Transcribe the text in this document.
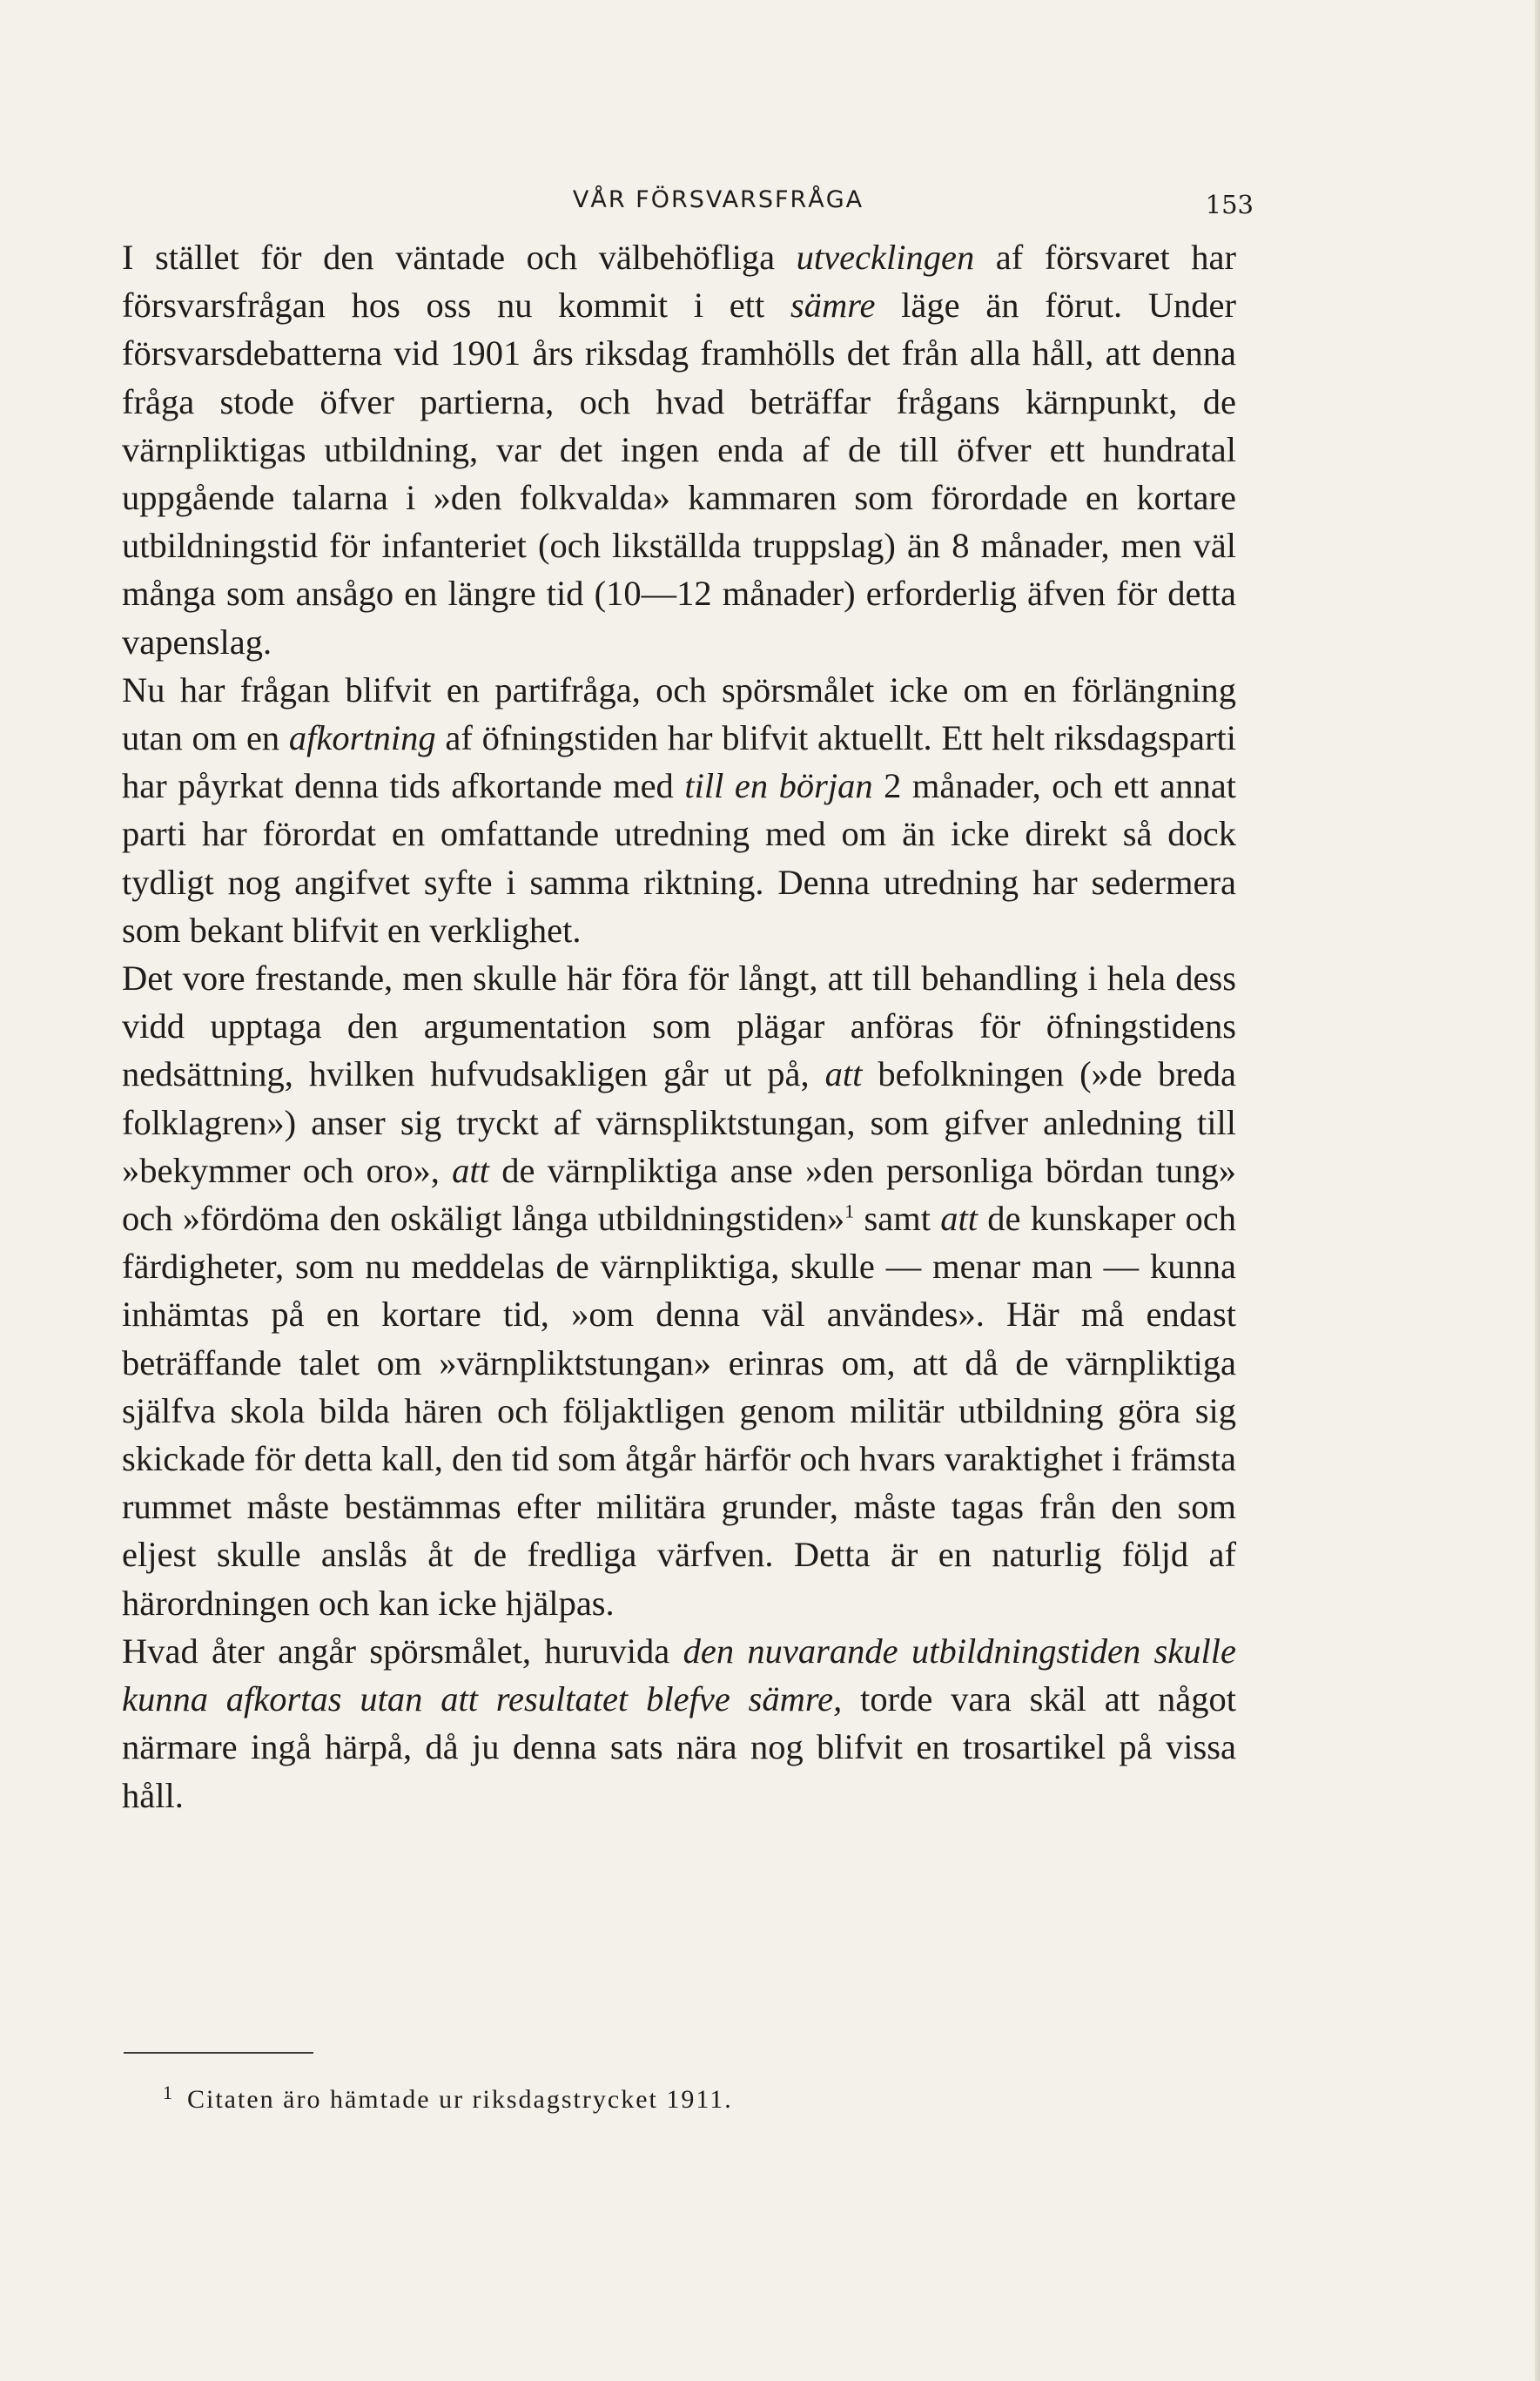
VÅR FÖRSVARSFRÅGA	153

I stället för den väntade och välbehöfliga utvecklingen af försvaret har försvarsfrågan hos oss nu kommit i ett sämre läge än förut. Under försvarsdebatterna vid 1901 års riksdag framhölls det från alla håll, att denna fråga stode öfver partierna, och hvad beträffar frågans kärnpunkt, de värnpliktigas utbildning, var det ingen enda af de till öfver ett hundratal uppgående talarna i »den folkvalda» kammaren som förordade en kortare utbildningstid för infanteriet (och likställda truppslag) än 8 månader, men väl många som ansågo en längre tid (10—12 månader) erforderlig äfven för detta vapenslag.

Nu har frågan blifvit en partifråga, och spörsmålet icke om en förlängning utan om en afkortning af öfningstiden har blifvit aktuellt. Ett helt riksdagsparti har påyrkat denna tids afkortande med till en början 2 månader, och ett annat parti har förordat en omfattande utredning med om än icke direkt så dock tydligt nog angifvet syfte i samma riktning. Denna utredning har sedermera som bekant blifvit en verklighet.

Det vore frestande, men skulle här föra för långt, att till behandling i hela dess vidd upptaga den argumentation som plägar anföras för öfningstidens nedsättning, hvilken hufvudsakligen går ut på, att befolkningen (»de breda folklagren») anser sig tryckt af värnspliktstungan, som gifver anledning till »bekymmer och oro», att de värnpliktiga anse »den personliga bördan tung» och »fördöma den oskäligt långa utbildningstiden»$^1$ samt att de kunskaper och färdigheter, som nu meddelas de värnpliktiga, skulle — menar man — kunna inhämtas på en kortare tid, »om denna väl användes». Här må endast beträffande talet om »värnpliktstungan» erinras om, att då de värnpliktiga själfva skola bilda hären och följaktligen genom militär utbildning göra sig skickade för detta kall, den tid som åtgår härför och hvars varaktighet i främsta rummet måste bestämmas efter militära grunder, måste tagas från den som eljest skulle anslås åt de fredliga värfven. Detta är en naturlig följd af härordningen och kan icke hjälpas.

Hvad åter angår spörsmålet, huruvida den nuvarande utbildningstiden skulle kunna afkortas utan att resultatet blefve sämre, torde vara skäl att något närmare ingå härpå, då ju denna sats nära nog blifvit en trosartikel på vissa håll.

1 Citaten äro hämtade ur riksdagstrycket 1911.
